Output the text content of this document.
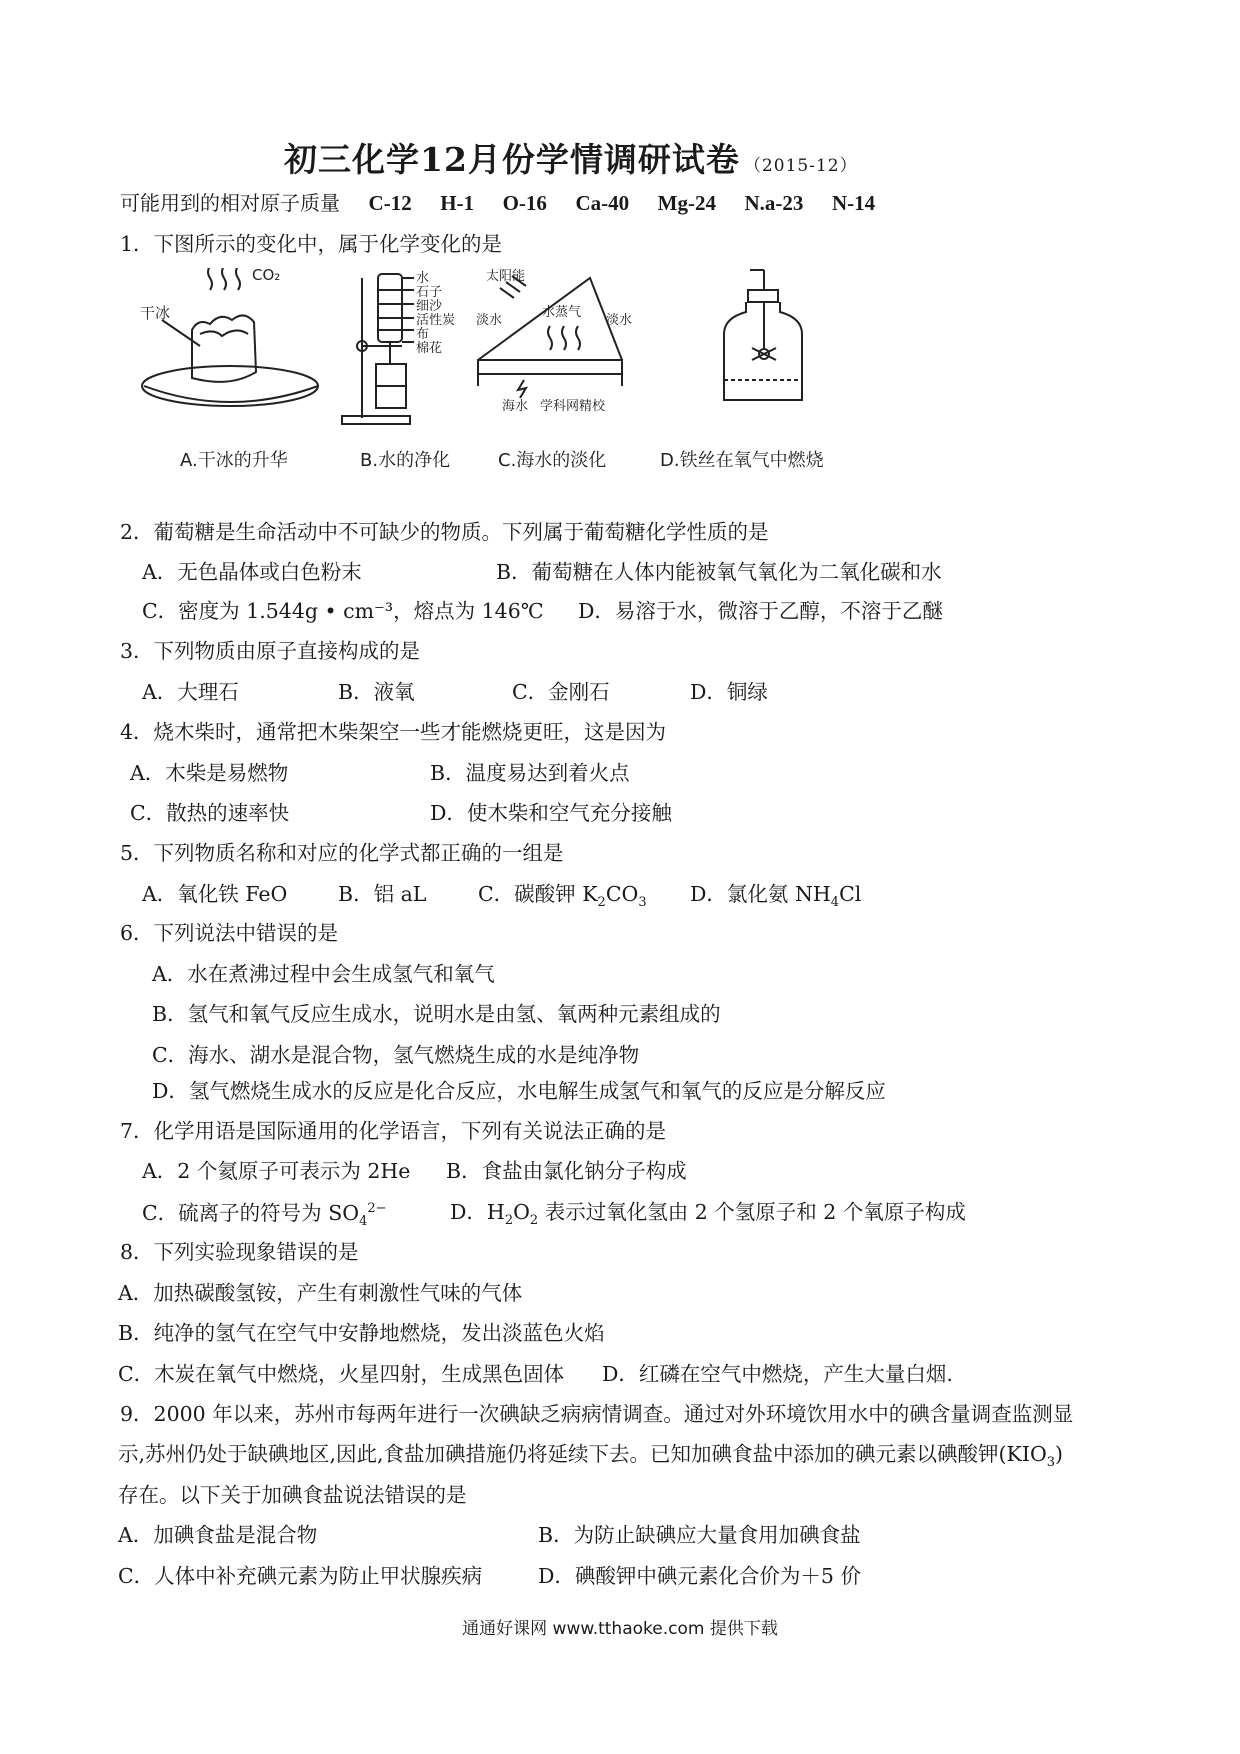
初三化学12月份学情调研试卷 （2015-12）
可能用到的相对原子质量 C-12 H-1 O-16 Ca-40 Mg-24 N.a-23 N-14
1．下图所示的变化中，属于化学变化的是
干冰
CO₂	水
石子
细沙
活性炭
布
棉花
太阳能
淡水
水蒸气
淡水
海水 学科网精校
A.干冰的升华	B.水的净化	C.海水的淡化	D.铁丝在氧气中燃烧
2．葡萄糖是生命活动中不可缺少的物质。下列属于葡萄糖化学性质的是
A．无色晶体或白色粉末	B．葡萄糖在人体内能被氧气氧化为二氧化碳和水
C．密度为 1.544g • cm⁻³，熔点为 146℃ D．易溶于水，微溶于乙醇，不溶于乙醚
3．下列物质由原子直接构成的是
A．大理石	B．液氧	C．金刚石	D．铜绿
4．烧木柴时，通常把木柴架空一些才能燃烧更旺，这是因为
A．木柴是易燃物	B．温度易达到着火点
C．散热的速率快	D．使木柴和空气充分接触
5．下列物质名称和对应的化学式都正确的一组是
A．氧化铁 FeO B．铝 aL	C．碳酸钾 $K_2CO_3$ D．氯化氨 $NH_4Cl$
6．下列说法中错误的是
A．水在煮沸过程中会生成氢气和氧气
B．氢气和氧气反应生成水，说明水是由氢、氧两种元素组成的
C．海水、湖水是混合物，氢气燃烧生成的水是纯净物
D．氢气燃烧生成水的反应是化合反应，水电解生成氢气和氧气的反应是分解反应
7．化学用语是国际通用的化学语言，下列有关说法正确的是
A．2 个氦原子可表示为 2He B．食盐由氯化钠分子构成
C．硫离子的符号为 $SO_4^{2-}$	D．$H_2O_2$ 表示过氧化氢由 2 个氢原子和 2 个氧原子构成
8．下列实验现象错误的是
A．加热碳酸氢铵，产生有刺激性气味的气体
B．纯净的氢气在空气中安静地燃烧，发出淡蓝色火焰
C．木炭在氧气中燃烧，火星四射，生成黑色固体 D．红磷在空气中燃烧，产生大量白烟.
9．2000 年以来，苏州市每两年进行一次碘缺乏病病情调查。通过对外环境饮用水中的碘含量调查监测显
示,苏州仍处于缺碘地区,因此,食盐加碘措施仍将延续下去。已知加碘食盐中添加的碘元素以碘酸钾$(KIO_3)$
存在。以下关于加碘食盐说法错误的是
A．加碘食盐是混合物	B．为防止缺碘应大量食用加碘食盐
C．人体中补充碘元素为防止甲状腺疾病	D．碘酸钾中碘元素化合价为＋5 价
通通好课网 www.tthaoke.com 提供下载
